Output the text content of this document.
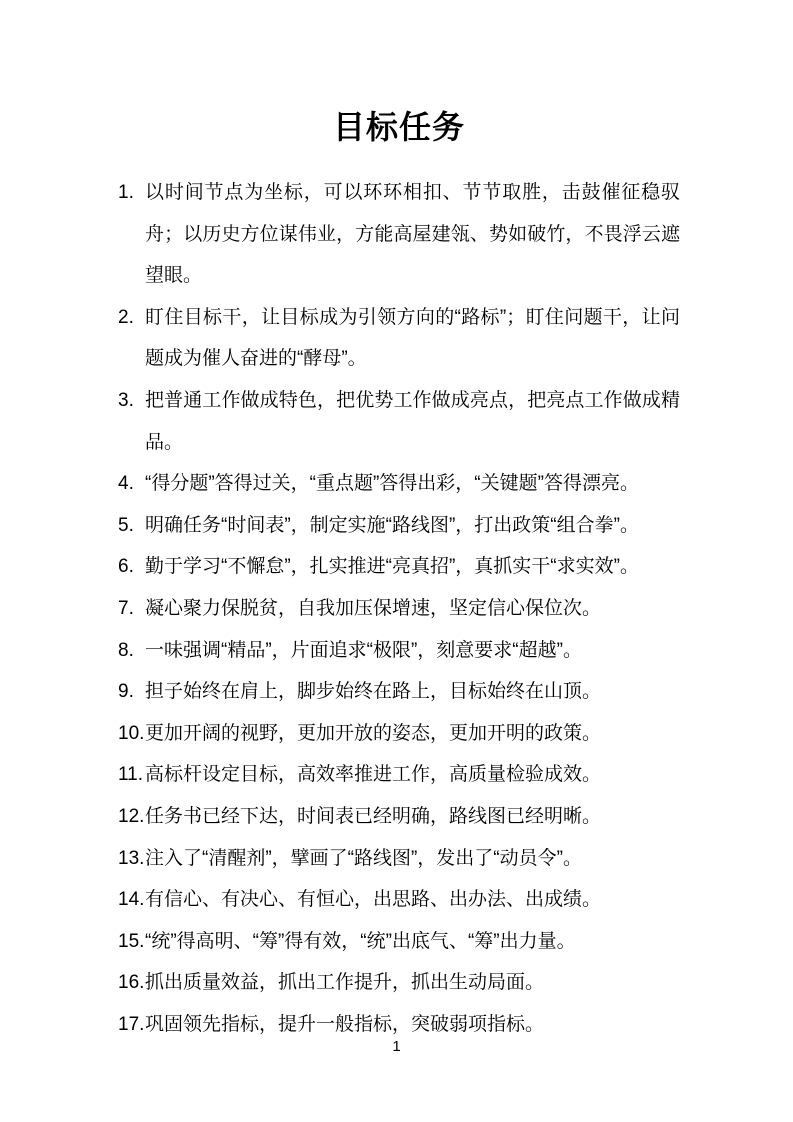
目标任务
1. 以时间节点为坐标，可以环环相扣、节节取胜，击鼓催征稳驭舟；以历史方位谋伟业，方能高屋建瓴、势如破竹，不畏浮云遮望眼。
2. 盯住目标干，让目标成为引领方向的“路标”；盯住问题干，让问题成为催人奋进的“酵母”。
3. 把普通工作做成特色，把优势工作做成亮点，把亮点工作做成精品。
4. “得分题”答得过关，“重点题”答得出彩，“关键题”答得漂亮。
5. 明确任务“时间表”，制定实施“路线图”，打出政策“组合拳”。
6. 勤于学习“不懈怠”，扎实推进“亮真招”，真抓实干“求实效”。
7. 凝心聚力保脱贫，自我加压保增速，坚定信心保位次。
8. 一味强调“精品”，片面追求“极限”，刻意要求“超越”。
9. 担子始终在肩上，脚步始终在路上，目标始终在山顶。
10. 更加开阔的视野，更加开放的姿态，更加开明的政策。
11. 高标杆设定目标，高效率推进工作，高质量检验成效。
12. 任务书已经下达，时间表已经明确，路线图已经明晰。
13. 注入了“清醒剂”，擘画了“路线图”，发出了“动员令”。
14. 有信心、有决心、有恒心，出思路、出办法、出成绩。
15. “统”得高明、“筹”得有效，“统”出底气、“筹”出力量。
16. 抓出质量效益，抓出工作提升，抓出生动局面。
17. 巩固领先指标，提升一般指标，突破弱项指标。
1
